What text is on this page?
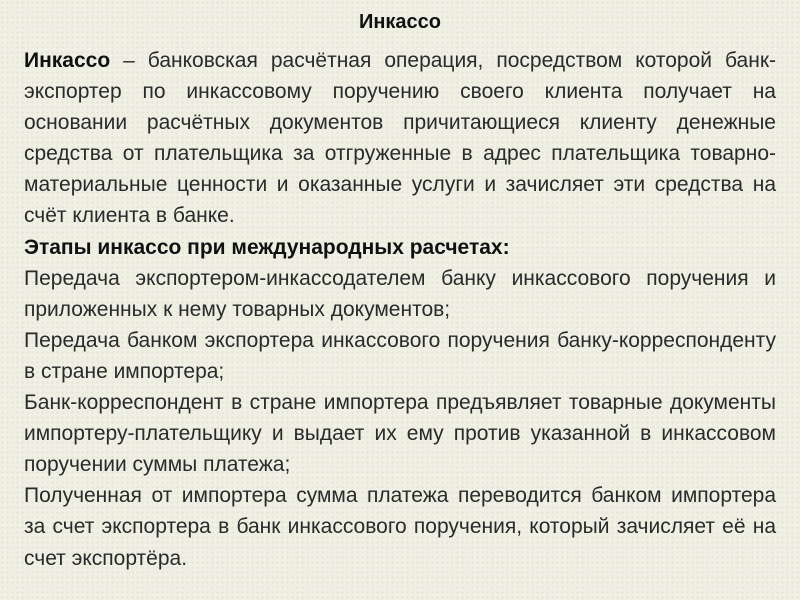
Инкассо

Инкассо – банковская расчётная операция, посредством которой банк-экспортер по инкассовому поручению своего клиента получает на основании расчётных документов причитающиеся клиенту денежные средства от плательщика за отгруженные в адрес плательщика товарно-материальные ценности и оказанные услуги и зачисляет эти средства на счёт клиента в банке.

Этапы инкассо при международных расчетах:

Передача экспортером-инкассодателем банку инкассового поручения и приложенных к нему товарных документов;

Передача банком экспортера инкассового поручения банку-корреспонденту в стране импортера;

Банк-корреспондент в стране импортера предъявляет товарные документы импортеру-плательщику и выдает их ему против указанной в инкассовом поручении суммы платежа;

Полученная от импортера сумма платежа переводится банком импортера за счет экспортера в банк инкассового поручения, который зачисляет её на счет экспортёра.
